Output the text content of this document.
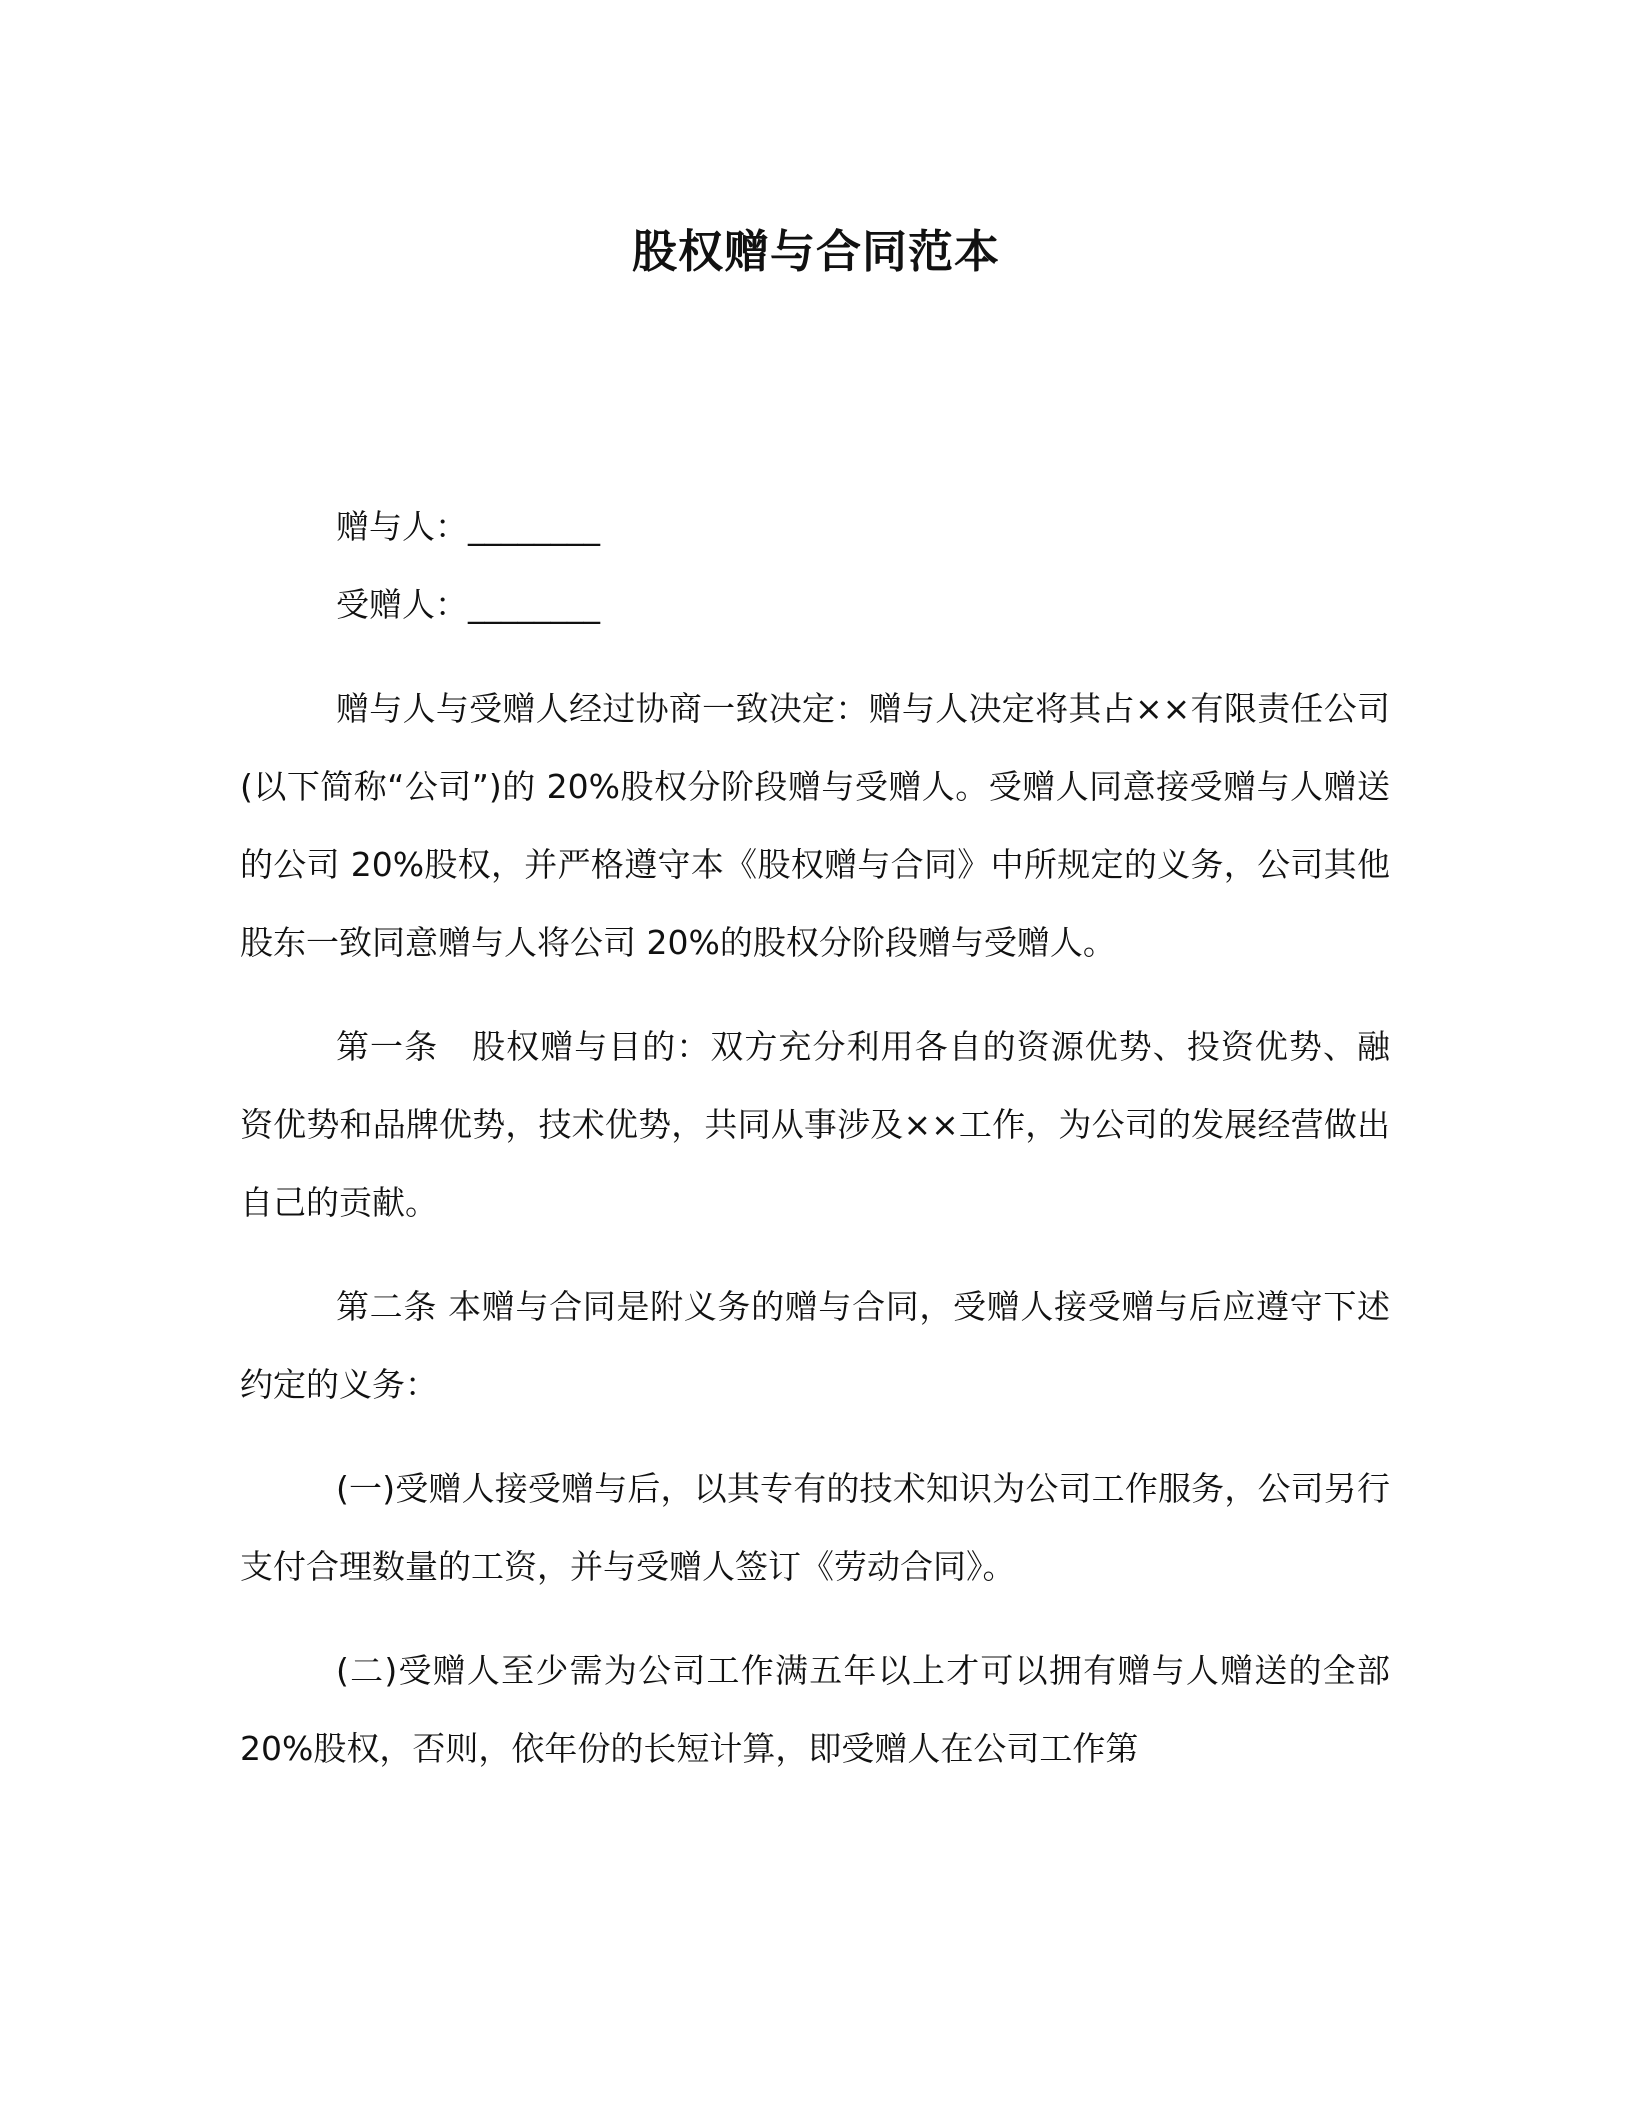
股权赠与合同范本

赠与人：________

受赠人：________

赠与人与受赠人经过协商一致决定：赠与人决定将其占××有限责任公司(以下简称“公司”)的 20%股权分阶段赠与受赠人。受赠人同意接受赠与人赠送的公司 20%股权，并严格遵守本《股权赠与合同》中所规定的义务，公司其他股东一致同意赠与人将公司 20%的股权分阶段赠与受赠人。

第一条　股权赠与目的：双方充分利用各自的资源优势、投资优势、融资优势和品牌优势，技术优势，共同从事涉及××工作，为公司的发展经营做出自己的贡献。

第二条 本赠与合同是附义务的赠与合同，受赠人接受赠与后应遵守下述约定的义务：

(一)受赠人接受赠与后，以其专有的技术知识为公司工作服务，公司另行支付合理数量的工资，并与受赠人签订《劳动合同》。

(二)受赠人至少需为公司工作满五年以上才可以拥有赠与人赠送的全部 20%股权，否则，依年份的长短计算，即受赠人在公司工作第
